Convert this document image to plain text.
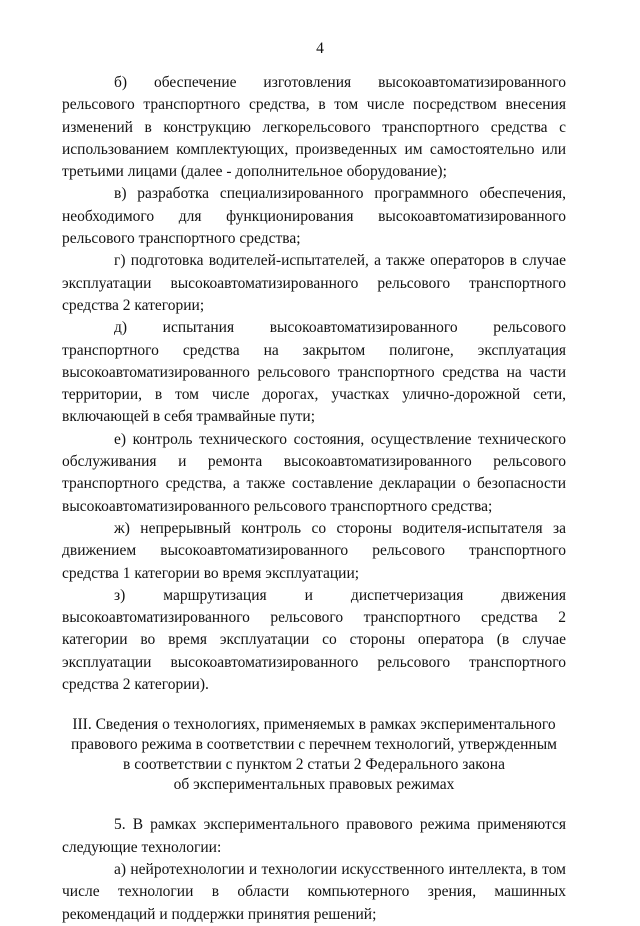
4

б) обеспечение изготовления высокоавтоматизированного рельсового транспортного средства, в том числе посредством внесения изменений в конструкцию легкорельсового транспортного средства с использованием комплектующих, произведенных им самостоятельно или третьими лицами (далее - дополнительное оборудование);

в) разработка специализированного программного обеспечения, необходимого для функционирования высокоавтоматизированного рельсового транспортного средства;

г) подготовка водителей-испытателей, а также операторов в случае эксплуатации высокоавтоматизированного рельсового транспортного средства 2 категории;

д) испытания высокоавтоматизированного рельсового транспортного средства на закрытом полигоне, эксплуатация высокоавтоматизированного рельсового транспортного средства на части территории, в том числе дорогах, участках улично-дорожной сети, включающей в себя трамвайные пути;

е) контроль технического состояния, осуществление технического обслуживания и ремонта высокоавтоматизированного рельсового транспортного средства, а также составление декларации о безопасности высокоавтоматизированного рельсового транспортного средства;

ж) непрерывный контроль со стороны водителя-испытателя за движением высокоавтоматизированного рельсового транспортного средства 1 категории во время эксплуатации;

з) маршрутизация и диспетчеризация движения высокоавтоматизированного рельсового транспортного средства 2 категории во время эксплуатации со стороны оператора (в случае эксплуатации высокоавтоматизированного рельсового транспортного средства 2 категории).

III. Сведения о технологиях, применяемых в рамках экспериментального
правового режима в соответствии с перечнем технологий, утвержденным
в соответствии с пунктом 2 статьи 2 Федерального закона
об экспериментальных правовых режимах

5. В рамках экспериментального правового режима применяются следующие технологии:

а) нейротехнологии и технологии искусственного интеллекта, в том числе технологии в области компьютерного зрения, машинных рекомендаций и поддержки принятия решений;
